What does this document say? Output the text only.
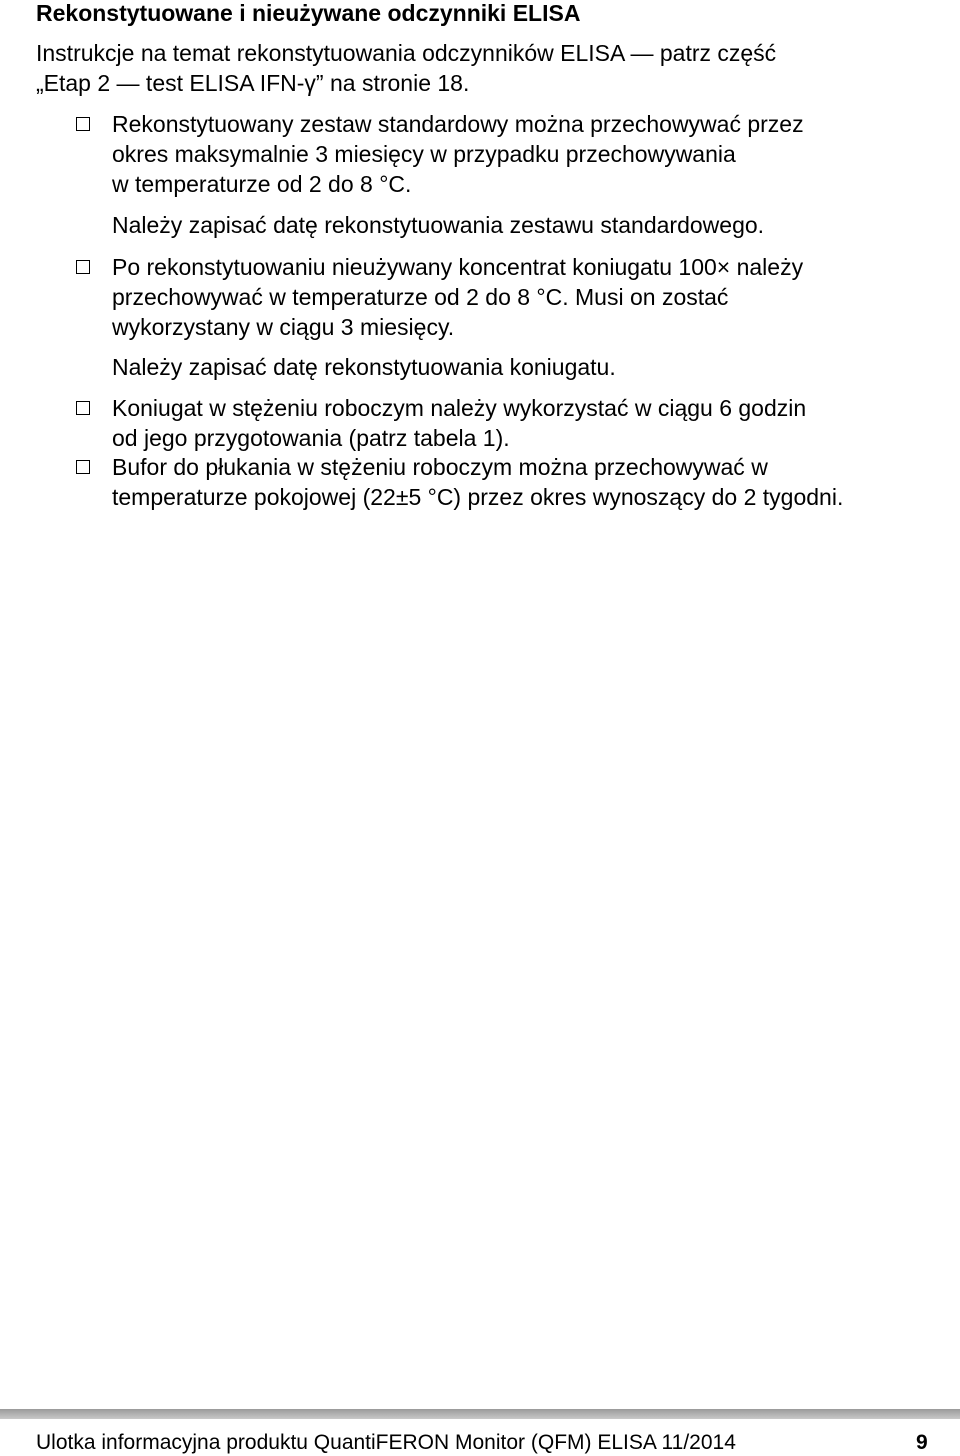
Rekonstytuowane i nieużywane odczynniki ELISA

Instrukcje na temat rekonstytuowania odczynników ELISA — patrz część

„Etap 2 — test ELISA IFN-γ” na stronie 18.

Rekonstytuowany zestaw standardowy można przechowywać przez

okres maksymalnie 3 miesięcy w przypadku przechowywania

w temperaturze od 2 do 8 °C.

Należy zapisać datę rekonstytuowania zestawu standardowego.

Po rekonstytuowaniu nieużywany koncentrat koniugatu 100× należy

przechowywać w temperaturze od 2 do 8 °C. Musi on zostać

wykorzystany w ciągu 3 miesięcy.

Należy zapisać datę rekonstytuowania koniugatu.

Koniugat w stężeniu roboczym należy wykorzystać w ciągu 6 godzin

od jego przygotowania (patrz tabela 1).

Bufor do płukania w stężeniu roboczym można przechowywać w

temperaturze pokojowej (22±5 °C) przez okres wynoszący do 2 tygodni.

Ulotka informacyjna produktu QuantiFERON Monitor (QFM) ELISA 11/2014	9
